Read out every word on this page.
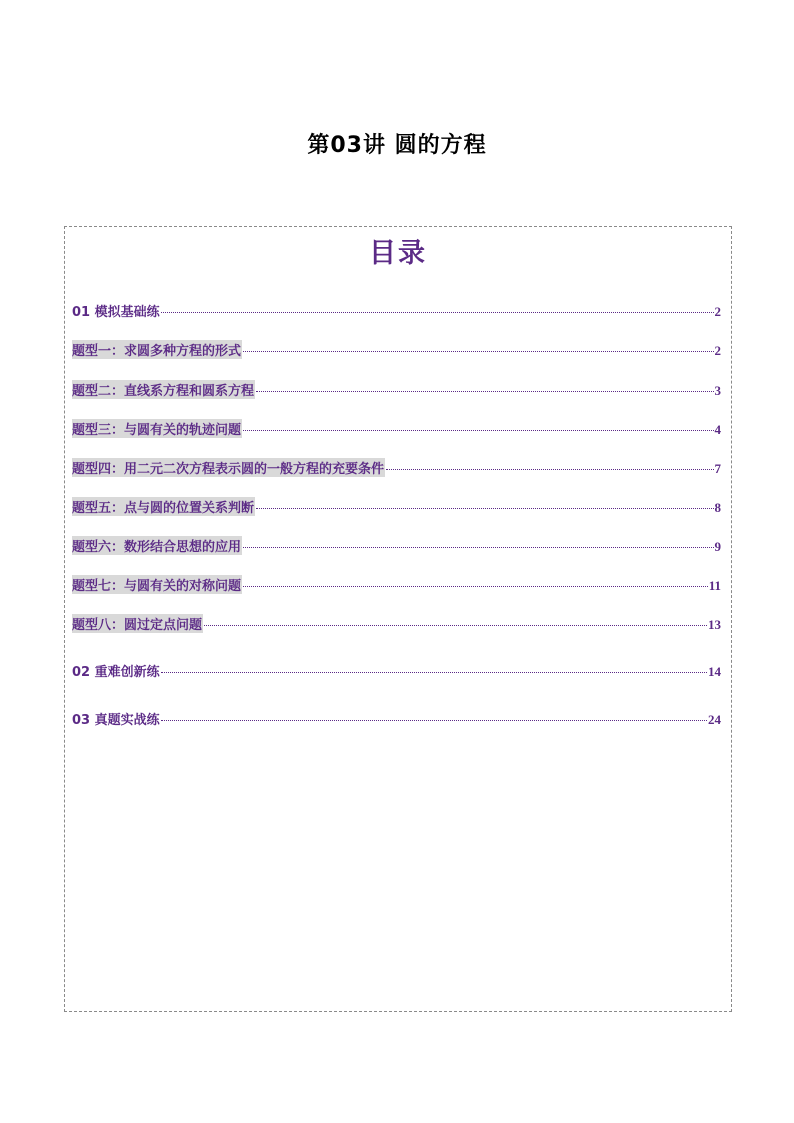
第03讲 圆的方程
目录
01 模拟基础练	2
题型一：求圆多种方程的形式	2
题型二：直线系方程和圆系方程	3
题型三：与圆有关的轨迹问题	4
题型四：用二元二次方程表示圆的一般方程的充要条件	7
题型五：点与圆的位置关系判断	8
题型六：数形结合思想的应用	9
题型七：与圆有关的对称问题	11
题型八：圆过定点问题	13
02 重难创新练	14
03 真题实战练	24
